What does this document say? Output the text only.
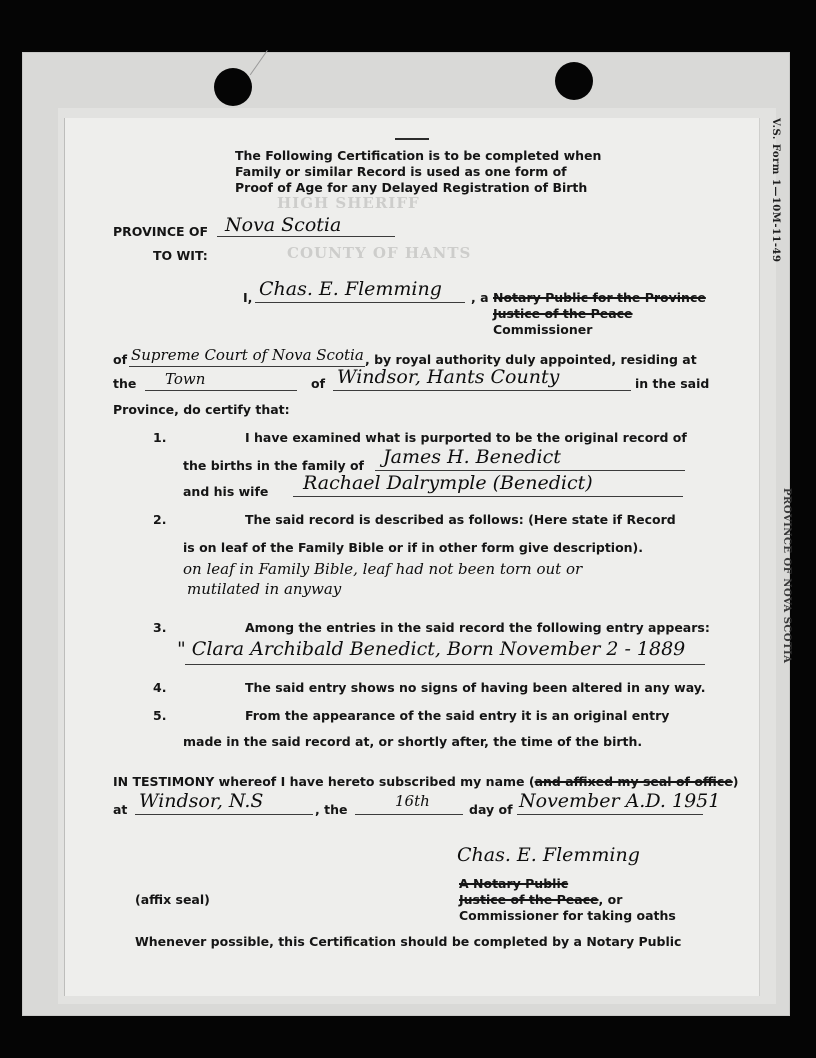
V.S. Form 1—10M-11-49
PROVINCE OF NOVA SCOTIA
HIGH SHERIFF
COUNTY OF HANTS
The Following Certification is to be completed when
Family or similar Record is used as one form of
Proof of Age for any Delayed Registration of Birth
PROVINCE OF Nova Scotia
TO WIT:
I, Chas. E. Flemming , a Notary Public for the Province
Justice of the Peace
Commissioner
of Supreme Court of Nova Scotia , by royal authority duly appointed, residing at
the Town	of Windsor, Hants County	in the said
Province, do certify that:
1.	I have examined what is purported to be the original record of
the births in the family of James H. Benedict
and his wife Rachael Dalrymple (Benedict)
2.	The said record is described as follows: (Here state if Record
is on leaf of the Family Bible or if in other form give description).
on leaf in Family Bible, leaf had not been torn out or
mutilated in anyway
3.	Among the entries in the said record the following entry appears:
" Clara Archibald Benedict, Born November 2 - 1889
4.	The said entry shows no signs of having been altered in any way.
5.	From the appearance of the said entry it is an original entry
made in the said record at, or shortly after, the time of the birth.
IN TESTIMONY whereof I have hereto subscribed my name (and affixed my seal of office)
at Windsor, N.S	, the	16th	day of November A.D. 1951
Chas. E. Flemming
A Notary Public
Justice of the Peace, or
Commissioner for taking oaths
(affix seal)
Whenever possible, this Certification should be completed by a Notary Public
